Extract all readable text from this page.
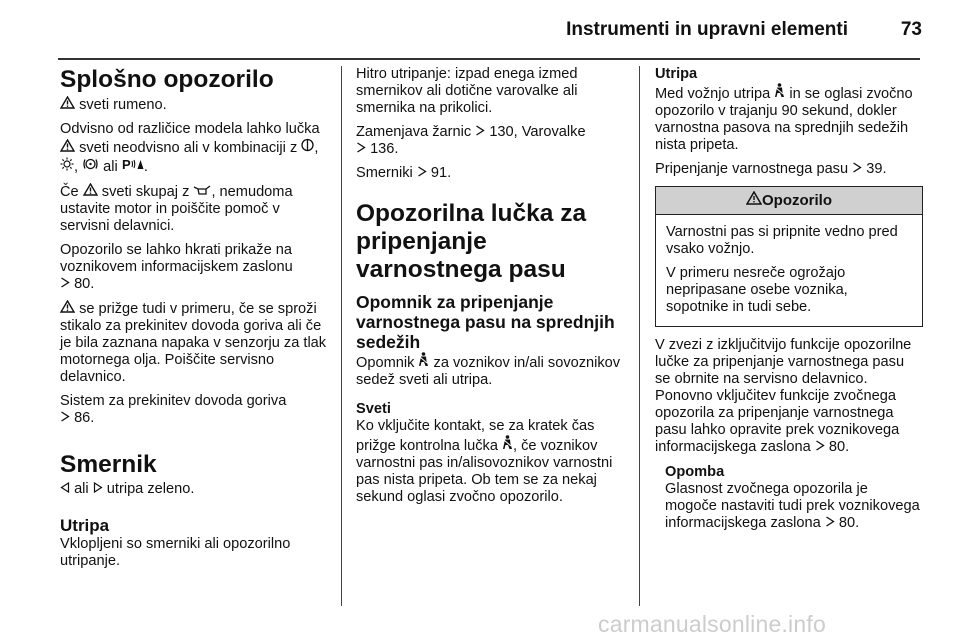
Instrumenti in upravni elementi	73
Splošno opozorilo

sveti rumeno.

Odvisno od različice modela lahko lučka  sveti neodvisno ali v kombinaciji z , ,  ali P .

Če sveti skupaj z , nemudoma ustavite motor in poiščite pomoč v servisni delavnici.

Opozorilo se lahko hkrati prikaže na voznikovem informacijskem zaslonu
80.

se prižge tudi v primeru, če se sproži stikalo za prekinitev dovoda goriva ali če je bila zaznana napaka v senzorju za tlak motornega olja. Poiščite servisno delavnico.

Sistem za prekinitev dovoda goriva
86.

Smernik

ali utripa zeleno.

Utripa

Vklopljeni so smerniki ali opozorilno utripanje.

Hitro utripanje: izpad enega izmed smernikov ali dotične varovalke ali smernika na prikolici.

Zamenjava žarnic 130, Varovalke
136.

Smerniki 91.

Opozorilna lučka za pripenjanje varnostnega pasu
Opomnik za pripenjanje varnostnega pasu na sprednjih sedežih

Opomnik za voznikov in/ali sovoznikov sedež sveti ali utripa.

Sveti

Ko vključite kontakt, se za kratek čas prižge kontrolna lučka , če voznikov varnostni pas in/alisovoznikov varnostni pas nista pripeta. Ob tem se za nekaj sekund oglasi zvočno opozorilo.

Utripa

Med vožnjo utripa in se oglasi zvočno opozorilo v trajanju 90 sekund, dokler varnostna pasova na sprednjih sedežih nista pripeta.

Pripenjanje varnostnega pasu 39.

Opozorilo

Varnostni pas si pripnite vedno pred vsako vožnjo.

V primeru nesreče ogrožajo nepripasane osebe voznika, sopotnike in tudi sebe.

V zvezi z izključitvijo funkcije opozorilne lučke za pripenjanje varnostnega pasu se obrnite na servisno delavnico. Ponovno vključitev funkcije zvočnega opozorila za pripenjanje varnostnega pasu lahko opravite prek voznikovega informacijskega zaslona 80.

Opomba

Glasnost zvočnega opozorila je mogoče nastaviti tudi prek voznikovega informacijskega zaslona 80.

carmanualsonline.info
